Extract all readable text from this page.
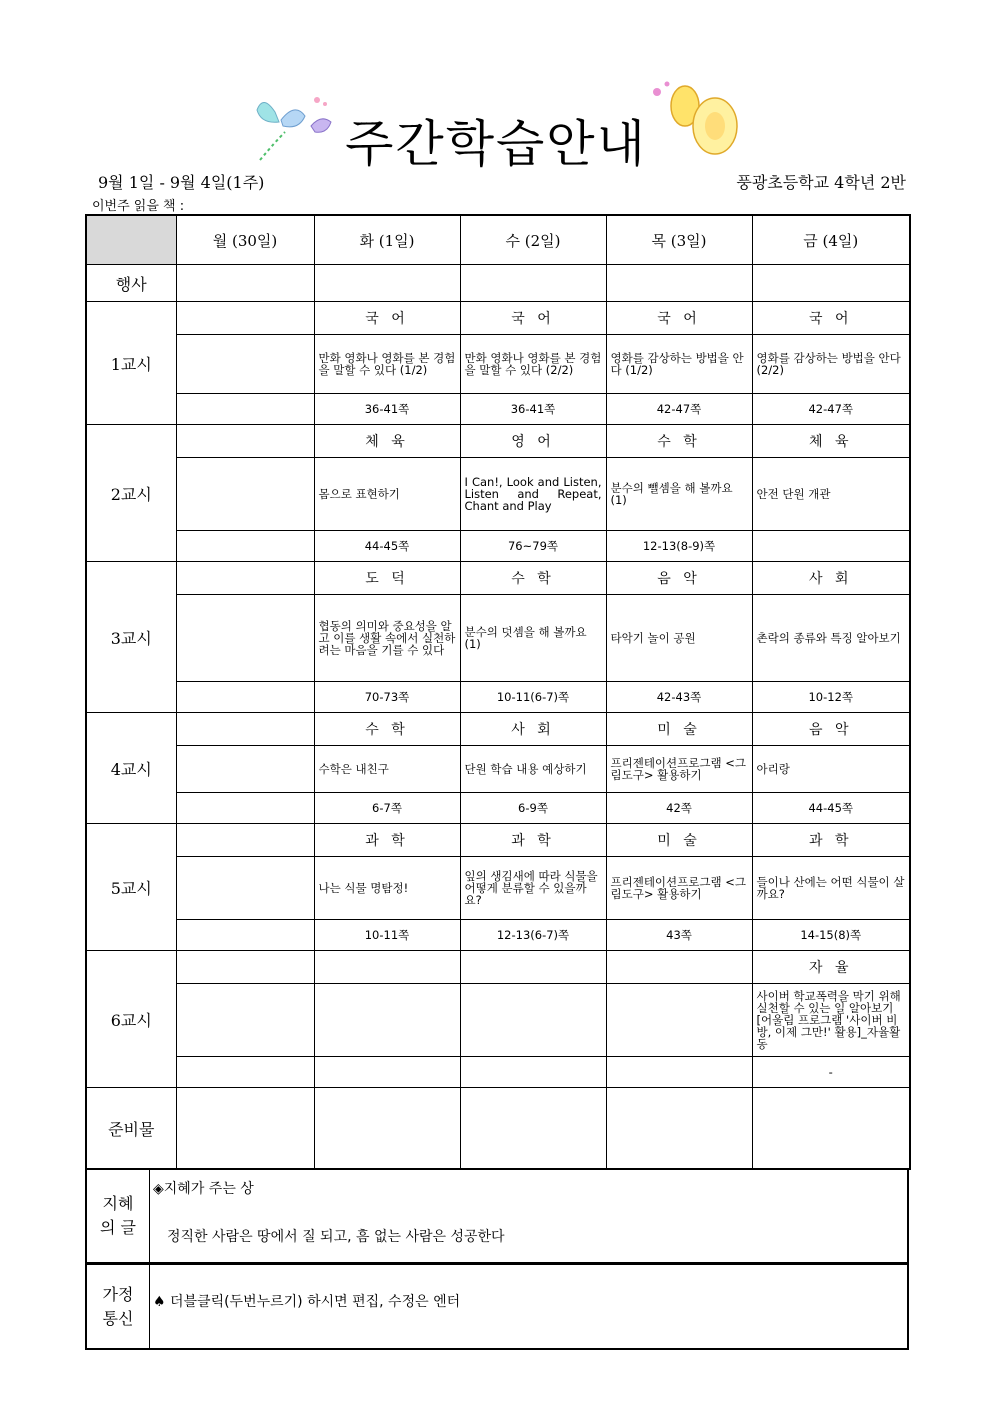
주간학습안내
9월 1일 - 9월 4일(1주)	풍광초등학교 4학년 2반
이번주 읽을 책 :
	월 (30일)	화 (1일)	수 (2일)	목 (3일)	금 (4일)
행사					
1교시		국 어	국 어	국 어	국 어
		만화 영화나 영화를 본 경험을 말할 수 있다 (1/2)	만화 영화나 영화를 본 경험을 말할 수 있다 (2/2)	영화를 감상하는 방법을 안다 (1/2)	영화를 감상하는 방법을 안다 (2/2)
		36-41쪽	36-41쪽	42-47쪽	42-47쪽
2교시		체 육	영 어	수 학	체 육
		몸으로 표현하기	I Can!, Look and Listen, Listen and Repeat, Chant and Play	분수의 뺄셈을 해 볼까요(1)	안전 단원 개관
		44-45쪽	76~79쪽	12-13(8-9)쪽	
3교시		도 덕	수 학	음 악	사 회
		협동의 의미와 중요성을 알고 이를 생활 속에서 실천하려는 마음을 기를 수 있다	분수의 덧셈을 해 볼까요(1)	타악기 놀이 공원	촌락의 종류와 특징 알아보기
		70-73쪽	10-11(6-7)쪽	42-43쪽	10-12쪽
4교시		수 학	사 회	미 술	음 악
		수학은 내친구	단원 학습 내용 예상하기	프리젠테이션프로그램 <그림도구> 활용하기	아리랑
		6-7쪽	6-9쪽	42쪽	44-45쪽
5교시		과 학	과 학	미 술	과 학
		나는 식물 명탐정!	잎의 생김새에 따라 식물을 어떻게 분류할 수 있을까요?	프리젠테이션프로그램 <그림도구> 활용하기	들이나 산에는 어떤 식물이 살까요?
		10-11쪽	12-13(6-7)쪽	43쪽	14-15(8)쪽
6교시					자 율
					사이버 학교폭력을 막기 위해 실천할 수 있는 일 알아보기[어울림 프로그램 '사이버 비방, 이제 그만!' 활용]_자율활동
					-
준비물					
지혜의 글
◈지혜가 주는 상
정직한 사람은 땅에서 질 되고, 흠 없는 사람은 성공한다
가정 통신
♠ 더블클릭(두번누르기) 하시면 편집, 수정은 엔터
